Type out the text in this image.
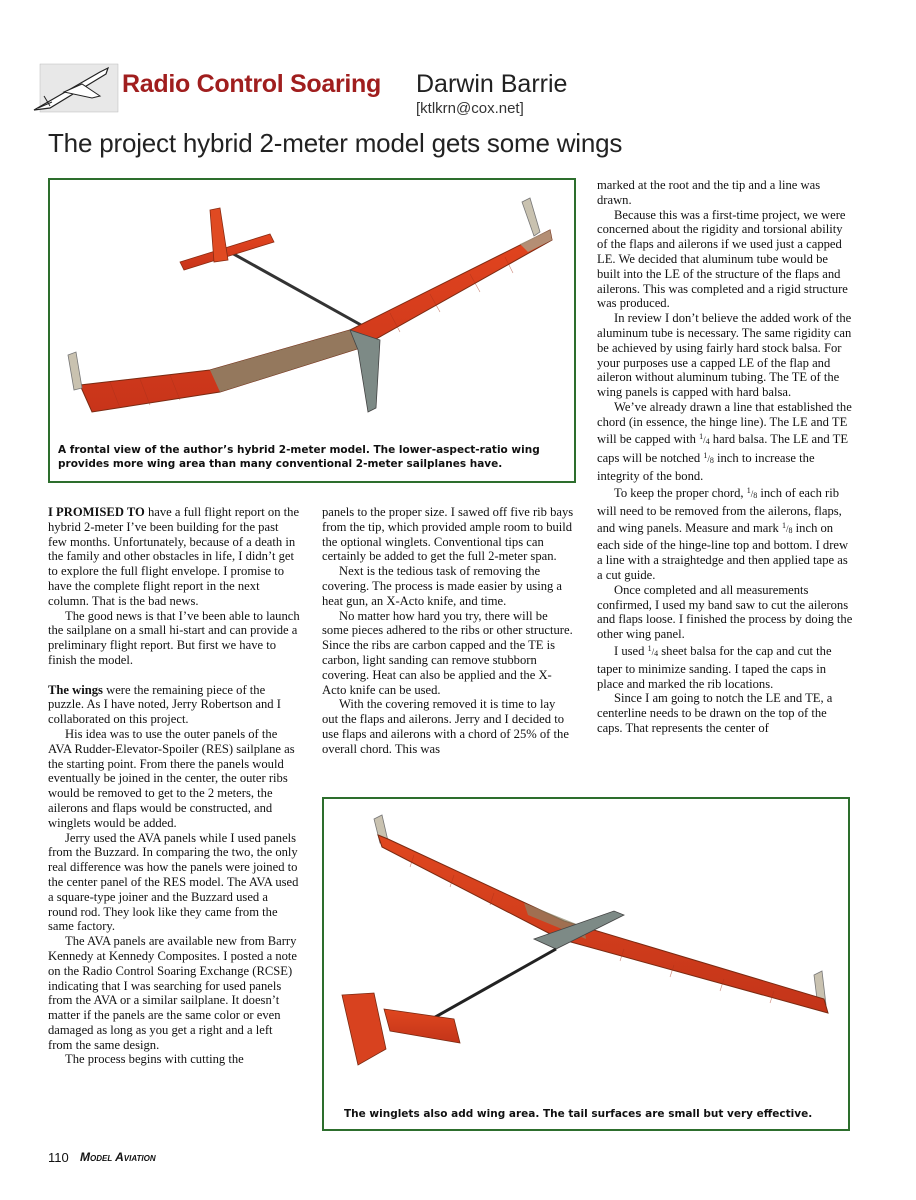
Radio Control Soaring Darwin Barrie
[ktlkrn@cox.net]
The project hybrid 2-meter model gets some wings
A frontal view of the author’s hybrid 2-meter model. The lower-aspect-ratio wing provides more wing area than many conventional 2-meter sailplanes have.

I PROMISED TO have a full flight report on the hybrid 2-meter I’ve been building for the past few months. Unfortunately, because of a death in the family and other obstacles in life, I didn’t get to explore the full flight envelope. I promise to have the complete flight report in the next column. That is the bad news.

The good news is that I’ve been able to launch the sailplane on a small hi-start and can provide a preliminary flight report. But first we have to finish the model.

The wings were the remaining piece of the puzzle. As I have noted, Jerry Robertson and I collaborated on this project.

His idea was to use the outer panels of the AVA Rudder-Elevator-Spoiler (RES) sailplane as the starting point. From there the panels would eventually be joined in the center, the outer ribs would be removed to get to the 2 meters, the ailerons and flaps would be constructed, and winglets would be added.

Jerry used the AVA panels while I used panels from the Buzzard. In comparing the two, the only real difference was how the panels were joined to the center panel of the RES model. The AVA used a square-type joiner and the Buzzard used a round rod. They look like they came from the same factory.

The AVA panels are available new from Barry Kennedy at Kennedy Composites. I posted a note on the Radio Control Soaring Exchange (RCSE) indicating that I was searching for used panels from the AVA or a similar sailplane. It doesn’t matter if the panels are the same color or even damaged as long as you get a right and a left from the same design.

The process begins with cutting the

panels to the proper size. I sawed off five rib bays from the tip, which provided ample room to build the optional winglets. Conventional tips can certainly be added to get the full 2-meter span.

Next is the tedious task of removing the covering. The process is made easier by using a heat gun, an X-Acto knife, and time.

No matter how hard you try, there will be some pieces adhered to the ribs or other structure. Since the ribs are carbon capped and the TE is carbon, light sanding can remove stubborn covering. Heat can also be applied and the X-Acto knife can be used.

With the covering removed it is time to lay out the flaps and ailerons. Jerry and I decided to use flaps and ailerons with a chord of 25% of the overall chord. This was

marked at the root and the tip and a line was drawn.

Because this was a first-time project, we were concerned about the rigidity and torsional ability of the flaps and ailerons if we used just a capped LE. We decided that aluminum tube would be built into the LE of the structure of the flaps and ailerons. This was completed and a rigid structure was produced.

In review I don’t believe the added work of the aluminum tube is necessary. The same rigidity can be achieved by using fairly hard stock balsa. For your purposes use a capped LE of the flap and aileron without aluminum tubing. The TE of the wing panels is capped with hard balsa.

We’ve already drawn a line that established the chord (in essence, the hinge line). The LE and TE will be capped with $^1/_4$ hard balsa. The LE and TE caps will be notched $^1/_8$ inch to increase the integrity of the bond.

To keep the proper chord, $^1/_8$ inch of each rib will need to be removed from the ailerons, flaps, and wing panels. Measure and mark $^1/_8$ inch on each side of the hinge-line top and bottom. I drew a line with a straightedge and then applied tape as a cut guide.

Once completed and all measurements confirmed, I used my band saw to cut the ailerons and flaps loose. I finished the process by doing the other wing panel.

I used $^1/_4$ sheet balsa for the cap and cut the taper to minimize sanding. I taped the caps in place and marked the rib locations.

Since I am going to notch the LE and TE, a centerline needs to be drawn on the top of the caps. That represents the center of

The winglets also add wing area. The tail surfaces are small but very effective.
110 Model Aviation
